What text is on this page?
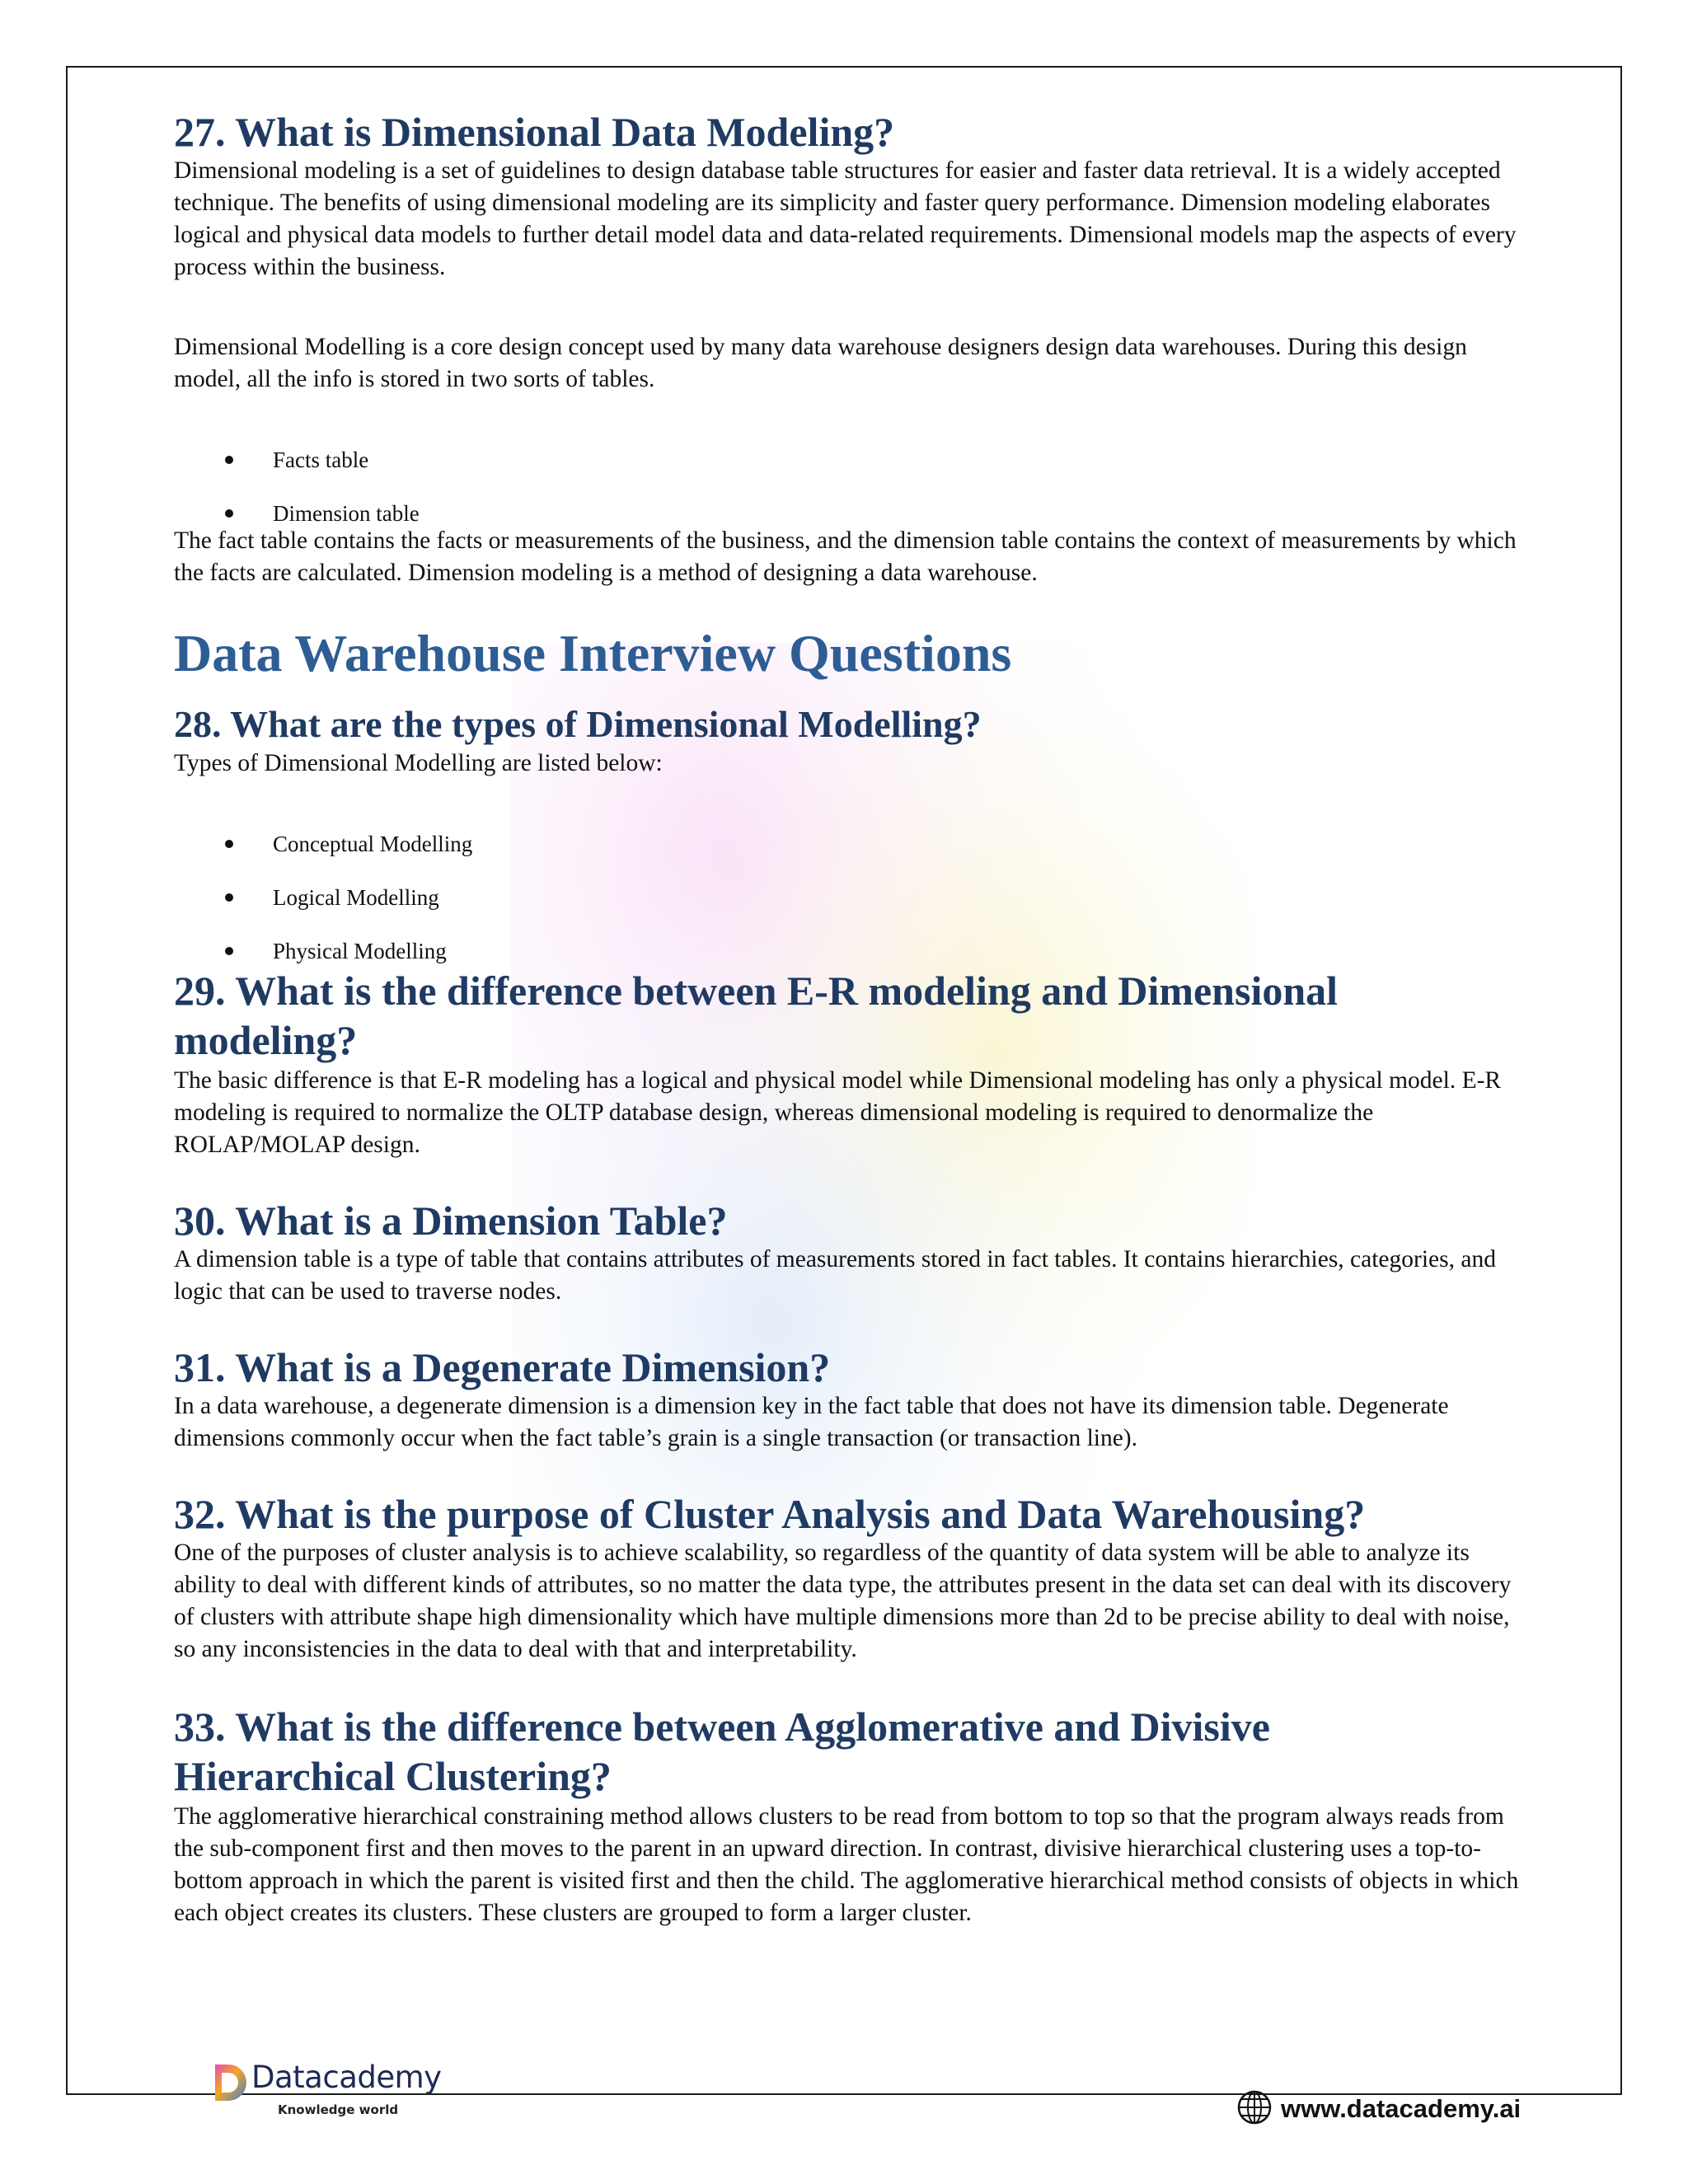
27. What is Dimensional Data Modeling?

Dimensional modeling is a set of guidelines to design database table structures for easier and faster data retrieval. It is a widely accepted technique. The benefits of using dimensional modeling are its simplicity and faster query performance. Dimension modeling elaborates logical and physical data models to further detail model data and data-related requirements. Dimensional models map the aspects of every process within the business.

Dimensional Modelling is a core design concept used by many data warehouse designers design data warehouses. During this design model, all the info is stored in two sorts of tables.

Facts table
Dimension table

The fact table contains the facts or measurements of the business, and the dimension table contains the context of measurements by which the facts are calculated. Dimension modeling is a method of designing a data warehouse.

Data Warehouse Interview Questions
28. What are the types of Dimensional Modelling?

Types of Dimensional Modelling are listed below:

Conceptual Modelling
Logical Modelling
Physical Modelling
29. What is the difference between E-R modeling and Dimensional modeling?

The basic difference is that E-R modeling has a logical and physical model while Dimensional modeling has only a physical model. E-R modeling is required to normalize the OLTP database design, whereas dimensional modeling is required to denormalize the ROLAP/MOLAP design.

30. What is a Dimension Table?

A dimension table is a type of table that contains attributes of measurements stored in fact tables. It contains hierarchies, categories, and logic that can be used to traverse nodes.

31. What is a Degenerate Dimension?

In a data warehouse, a degenerate dimension is a dimension key in the fact table that does not have its dimension table. Degenerate dimensions commonly occur when the fact table’s grain is a single transaction (or transaction line).

32. What is the purpose of Cluster Analysis and Data Warehousing?

One of the purposes of cluster analysis is to achieve scalability, so regardless of the quantity of data system will be able to analyze its ability to deal with different kinds of attributes, so no matter the data type, the attributes present in the data set can deal with its discovery of clusters with attribute shape high dimensionality which have multiple dimensions more than 2d to be precise ability to deal with noise, so any inconsistencies in the data to deal with that and interpretability.

33. What is the difference between Agglomerative and Divisive Hierarchical Clustering?

The agglomerative hierarchical constraining method allows clusters to be read from bottom to top so that the program always reads from the sub-component first and then moves to the parent in an upward direction. In contrast, divisive hierarchical clustering uses a top-to-bottom approach in which the parent is visited first and then the child. The agglomerative hierarchical method consists of objects in which each object creates its clusters. These clusters are grouped to form a larger cluster.

Datacademy
Knowledge world	www.datacademy.ai
